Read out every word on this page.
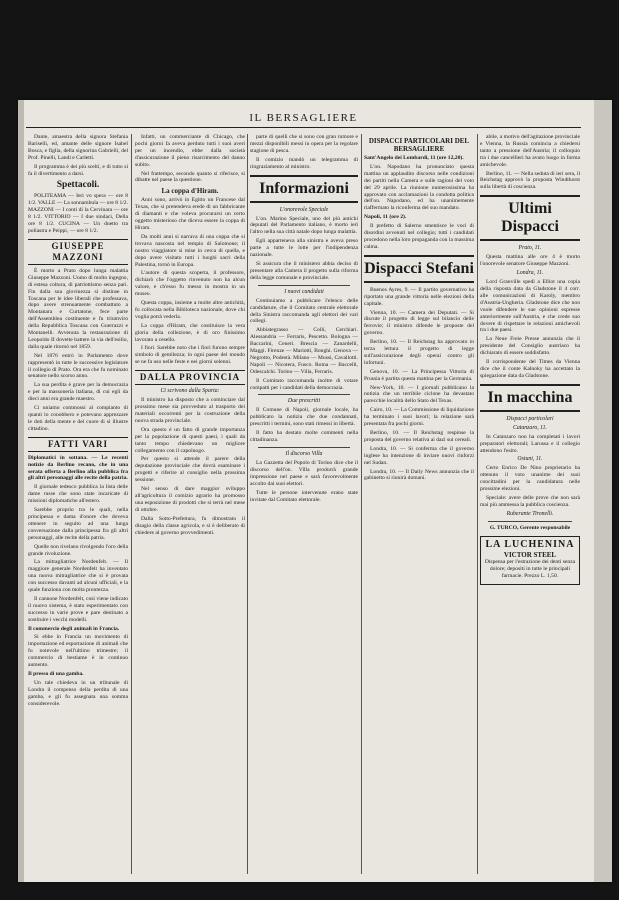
IL BERSAGLIERE

Dante, amaestra della signora Stefania Bariselli, ed, amante delle signore Isabel Bosca, e figlia, della signorina Gabrielli, del Prof. Pinelli, Landi e Carletti.

Il programma è dei più scelti, e di tutto si fa il divertimento a darsi.

Spettacoli.

POLITEAMA — Ieri vo spera — ore 8 1/2. VALLE — La sonnambula — ore 8 1/2. MAZZONI — I conti di la Cervinara — ore 8 1/2. VITTORIO — I due sindaci, Della ore 8 1/2. CUCINA — Un duetto tra pollastra e Peippi, — ore 8 1/2.

GIUSEPPE MAZZONI

È morto a Prato dopo lunga malattia Giuseppe Mazzoni. Uomo di molto ingegno, di estesa coltura, di patriottismo senza pari. Fin dalla sua giovinezza si distinse in Toscana per le idee liberali che professava, dopo avere strenuamente combattuto a Montanara e Curtatone, fece parte dell'Assemblea costituente e fu triumviro della Repubblica Toscana con Guerrazzi e Montanelli. Avvenuta la restaurazione di Leopoldo II dovette battere la via dell'esilio, dalla quale ritornò nel 1859.

Nel 1876 entrò in Parlamento dove rappresentò in tutte le successive legislature il collegio di Prato. Ora era che fu nominato senatore nello scorso anno.

La sua perdita è grave per la democrazia e per la massoneria italiana, di cui egli da dieci anni era grande maestro.

Ci uniamo commossi al compianto di quanti lo conobbero e potevano apprezzare le doti della mente e del cuore di sì illustre cittadino.

FATTI VARI

Diplomatici in sottana. — Le recenti notizie da Berlino recano, che in una serata offerta a Berlino alla pubblica fra gli altri personaggi alle recite della patria.

Il giornale tedesco pubblica la lista delle dame russe che sono state incaricate di missioni diplomatiche all'estero.

Sarebbe proprio tra le quali, nella principessa e dama d'onore che doveva ottenere in seguito ad una lunga conversazione dalla principessa fra gli altri personaggi, alle recite della patria.

Quelle non rivelano rivolgendo l'oro della grande rivoluzione.

La mitragliatrice Nordenfelt. — Il maggiore generale Nordenfelt ha inventato una nuova mitragliatrice che si è provata con successo davanti ad alcuni ufficiali, e la quale funziona con molta prontezza.

Il cannone Nordenfelt, così viene indicato il nuovo sistema, è stato esperimentato con successo in varie prove e pare destinato a sostituire i vecchi modelli.

Il commercio degli animali in Francia.

Si ebbe in Francia un movimento di importazione ed esportazione di animali che fu notevole nell'ultimo trimestre; il commercio di bestiame è in continuo aumento.

Il presso di una gamba.

Un tale chiedeva in un tribunale di Londra il compenso della perdita di una gamba, e gli fu assegnata una somma considerevole.

Infatti, un commerciante di Chicago, che pochi giorni fa aveva perduto tutti i suoi averi per un incendio, ebbe dalla società d'assicurazione il pieno risarcimento del danno subìto.

Nel frattempo, secondo quanto si riferisce, si dibatte nel paese la questione.

La coppa d'Hiram.

Anni sono, arrivò in Egitto un Francese dal Texas, che si pretendeva erede di un fabbricante di diamanti e che voleva procurarsi un certo oggetto misterioso che diceva essere la coppa di Hiram.

Da molti anni si narrava di una coppa che si trovava nascosta nel tempio di Salomone; il nostro viaggiatore si mise in cerca di quella, e dopo avere visitato tutti i luoghi sacri della Palestina, tornò in Europa.

L'autore di questa scoperta, il professore, dichiarò che l'oggetto rinvenuto non ha alcun valore, e ch'esso fu messo in mostra in un museo.

Questa coppa, insieme a molte altre antichità, fu collocata nella Biblioteca nazionale, dove chi voglia potrà vederla.

La coppa d'Hiram, che costituisce la vera gloria della collezione, è di oro finissimo lavorato a cesello.

I fiori. Sarebbe noto che i fiori furono sempre simbolo di gentilezza; in ogni paese del mondo se ne fa uso nelle feste e nei giorni solenni.

DALLA PROVINCIA
Ci scrivono dalla Sparta:

Il ministro ha disposto che a cominciare dal prossimo mese sia provveduto al trasporto dei materiali occorrenti per la costruzione della nuova strada provinciale.

Ora questo è un fatto di grande importanza per la popolazione di questi paesi, i quali da tanto tempo chiedevano un migliore collegamento con il capoluogo.

Per questo si attende il parere della deputazione provinciale che dovrà esaminare i progetti e riferire al consiglio nella prossima sessione.

Nel senso di dare maggior sviluppo all'agricoltura il comizio agrario ha promosso una esposizione di prodotti che si terrà nel mese di ottobre.

Dalla Sotto-Prefettura, fu dimostrato il disagio della classe agricola, e si è deliberato di chiedere al governo provvedimenti.

parte di quelli che si sono con gran rumore e mezzi disponibili messi in opera per la regolare stagione di pesca.

Il comizio mandò un telegramma di ringraziamento al ministro.

Informazioni
L'onorevole Speciale

L'on. Marino Speciale, uno dei più antichi deputati del Parlamento italiano, è morto ieri l'altro nella sua città natale dopo lunga malattia.

Egli apparteneva alla sinistra e aveva preso parte a tutte le lotte per l'indipendenza nazionale.

Si assicura che il ministero abbia deciso di presentare alla Camera il progetto sulla riforma della legge comunale e provinciale.

I nuovi candidati

Continuiamo a pubblicare l'elenco delle candidature, che il Comitato centrale elettorale della Sinistra raccomanda agli elettori dei vari collegi.

Abbiategrasso — Colli, Cerchiari. Alessandria — Ferraris, Pescetto. Bologna — Baccarini, Ceneri. Brescia — Zanardelli, Maggi. Firenze — Mariotti, Bonghi. Genova — Negrotto, Podestà. Milano — Mussi, Cavallotti. Napoli — Nicotera, Fusco. Roma — Baccelli, Odescalchi. Torino — Villa, Ferraris.

Il Comitato raccomanda inoltre di votare compatti per i candidati della democrazia.

Due prescritti

Il Comune di Napoli, giornale locale, ha pubblicato la notizia che due condannati, prescritti i termini, sono stati rimessi in libertà.

Il fatto ha destato molte commenti nella cittadinanza.

Il discorso Villa

La Gazzetta del Popolo di Torino dice che il discorso dell'on. Villa produrrà grande impressione nel paese e sarà favorevolmente accolto dai suoi elettori.

Tutte le persone intervenute erano state invitate dal Comitato elettorale.

DISPACCI PARTICOLARI DEL BERSAGLIERE

Sant'Angelo dei Lombardi, 11 (ore 12,20).

L'on. Napodano ha pronunciato questa mattina un applaudito discorso nelle condizioni dei partiti nella Camera e sulle ragioni del voto del 29 aprile. La riunione numerosissima ha approvato con acclamazioni la condotta politica dell'on. Napodano, ed ha unanimemente riaffermato la riconferma del suo mandato.

Napoli, 11 (ore 2).

Il prefetto di Salerno smentisce le voci di disordini avvenuti nel collegio; tutti i candidati procedono nella loro propaganda con la massima calma.

Dispacci Stefani

Buenos Ayres, 9. — Il partito governativo ha riportato una grande vittoria nelle elezioni della capitale.

Vienna, 10. — Camera dei Deputati. — Si discute il progetto di legge sul bilancio delle ferrovie; il ministro difende le proposte del governo.

Berlino, 10. — Il Reichstag ha approvato in terza lettura il progetto di legge sull'assicurazione degli operai contro gli infortuni.

Genova, 10. — La Principessa Vittoria di Prussia è partita questa mattina per la Germania.

New-York, 10. — I giornali pubblicano la notizia che un terribile ciclone ha devastato parecchie località dello Stato del Texas.

Cairo, 10. — La Commissione di liquidazione ha terminato i suoi lavori; la relazione sarà presentata fra pochi giorni.

Berlino, 10. — Il Reichstag respinse la proposta del governo relativa ai dazi sui cereali.

Londra, 10. — Si conferma che il governo inglese ha intenzione di inviare nuovi rinforzi nel Sudan.

Londra, 10. — Il Daily News annunzia che il gabinetto si riunirà domani.

abile, a motivo dell'agitazione provinciale e Vienna, la Russia comincia a chiedersi tanto a pressione dell'Austria; il colloquio tra i due cancellieri ha avuto luogo in forma amichevole.

Berlino, 11. — Nella seduta di ieri sera, il Reichstag approvò la proposta Windthorst sulla libertà di coscienza.

Ultimi Dispacci
Prato, 11.

Questa mattina alle ore 4 è morto l'onorevole senatore Giuseppe Mazzoni.

Londra, 11.

Lord Granville spedì a Elliot una copia della risposta data da Gladstone il 4 corr. alle comunicazioni di Karoly, membro d'Austria-Ungheria. Gladstone dice che non vuole difendere le sue opinioni espresse anteriormente sull'Austria, e che crede suo dovere di rispettare le relazioni amichevoli tra i due paesi.

La Neue Freie Presse annunzia che il presidente del Consiglio austriaco ha dichiarato di essere soddisfatto.

Il corrispondente del Times da Vienna dice che il conte Kalnoky ha accettato la spiegazione data da Gladstone.

In macchina
Dispacci particolari
Catanzaro, 11.

In Catanzaro non ha completati i lavori preparatori elettorali; Larussa e il collegio attendono l'esito.

Ostuni, 11.

Certo Enrico De Nino proprietario ha ottenuto il voto unanime dei suoi concittadini per la candidatura nelle prossime elezioni.

Speciale: avere delle prove che non sarà mai più ammessa la pubblica coscienza.

Ruberante Tironelli.

G. TURCO, Gerente responsabile

LA LUCHENINA
VICTOR STEEL

Dispensa per l'estrazione dei denti senza dolore; depositi in tutte le principali farmacie. Prezzo L. 1,50.
